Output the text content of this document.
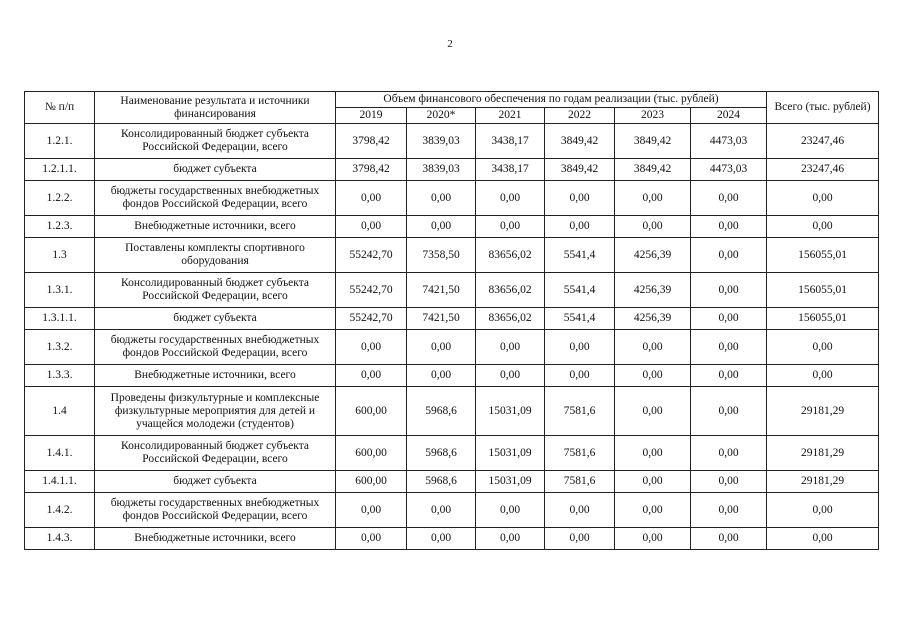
2
№ п/п	Наименование результата и источники финансирования	Объем финансового обеспечения по годам реализации (тыс. рублей)						Всего (тыс. рублей)
		2019	2020*	2021	2022	2023	2024	
1.2.1.	Консолидированный бюджет субъекта Российской Федерации, всего	3798,42	3839,03	3438,17	3849,42	3849,42	4473,03	23247,46
1.2.1.1.	бюджет субъекта	3798,42	3839,03	3438,17	3849,42	3849,42	4473,03	23247,46
1.2.2.	бюджеты государственных внебюджетных фондов Российской Федерации, всего	0,00	0,00	0,00	0,00	0,00	0,00	0,00
1.2.3.	Внебюджетные источники, всего	0,00	0,00	0,00	0,00	0,00	0,00	0,00
1.3	Поставлены комплекты спортивного оборудования	55242,70	7358,50	83656,02	5541,4	4256,39	0,00	156055,01
1.3.1.	Консолидированный бюджет субъекта Российской Федерации, всего	55242,70	7421,50	83656,02	5541,4	4256,39	0,00	156055,01
1.3.1.1.	бюджет субъекта	55242,70	7421,50	83656,02	5541,4	4256,39	0,00	156055,01
1.3.2.	бюджеты государственных внебюджетных фондов Российской Федерации, всего	0,00	0,00	0,00	0,00	0,00	0,00	0,00
1.3.3.	Внебюджетные источники, всего	0,00	0,00	0,00	0,00	0,00	0,00	0,00
1.4	Проведены физкультурные и комплексные физкультурные мероприятия для детей и учащейся молодежи (студентов)	600,00	5968,6	15031,09	7581,6	0,00	0,00	29181,29
1.4.1.	Консолидированный бюджет субъекта Российской Федерации, всего	600,00	5968,6	15031,09	7581,6	0,00	0,00	29181,29
1.4.1.1.	бюджет субъекта	600,00	5968,6	15031,09	7581,6	0,00	0,00	29181,29
1.4.2.	бюджеты государственных внебюджетных фондов Российской Федерации, всего	0,00	0,00	0,00	0,00	0,00	0,00	0,00
1.4.3.	Внебюджетные источники, всего	0,00	0,00	0,00	0,00	0,00	0,00	0,00
